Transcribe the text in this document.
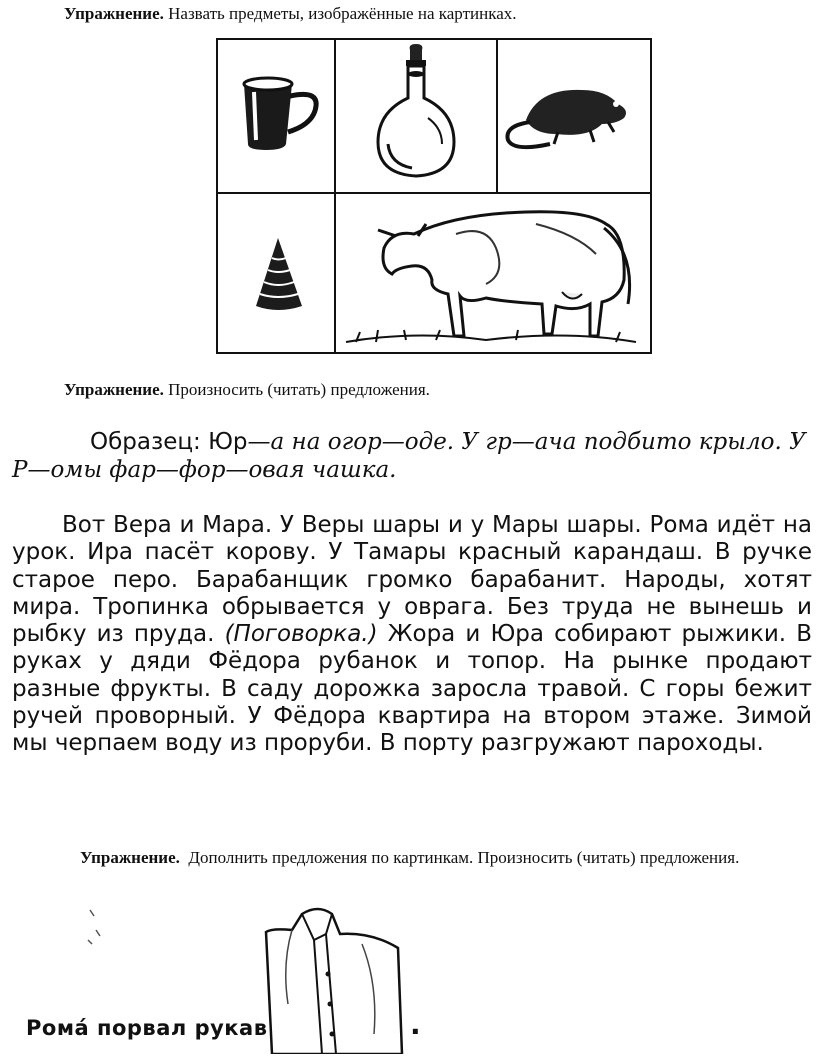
Упражнение. Назвать предметы, изображённые на картинках.
Упражнение. Произносить (читать) предложения.
Образец: Юр—а на огор—оде. У гр—ача подбито крыло. У Р—омы фар—фор—овая чашка.
Вот Вера и Мара. У Веры шары и у Мары шары. Рома идёт на урок. Ира пасёт корову. У Тамары красный карандаш. В ручке старое перо. Барабанщик громко барабанит. Народы, хотят мира. Тропинка обрывается у оврага. Без труда не вынешь и рыбку из пруда. (Поговорка.) Жора и Юра собирают рыжики. В руках у дяди Фёдора рубанок и топор. На рынке продают разные фрукты. В саду дорожка заросла травой. С горы бежит ручей проворный. У Фёдора квартира на втором этаже. Зимой мы черпаем воду из проруби. В порту разгружают пароходы.
Упражнение. Дополнить предложения по картинкам. Произносить (читать) предложения.
Рома́ порвал рукав	.
